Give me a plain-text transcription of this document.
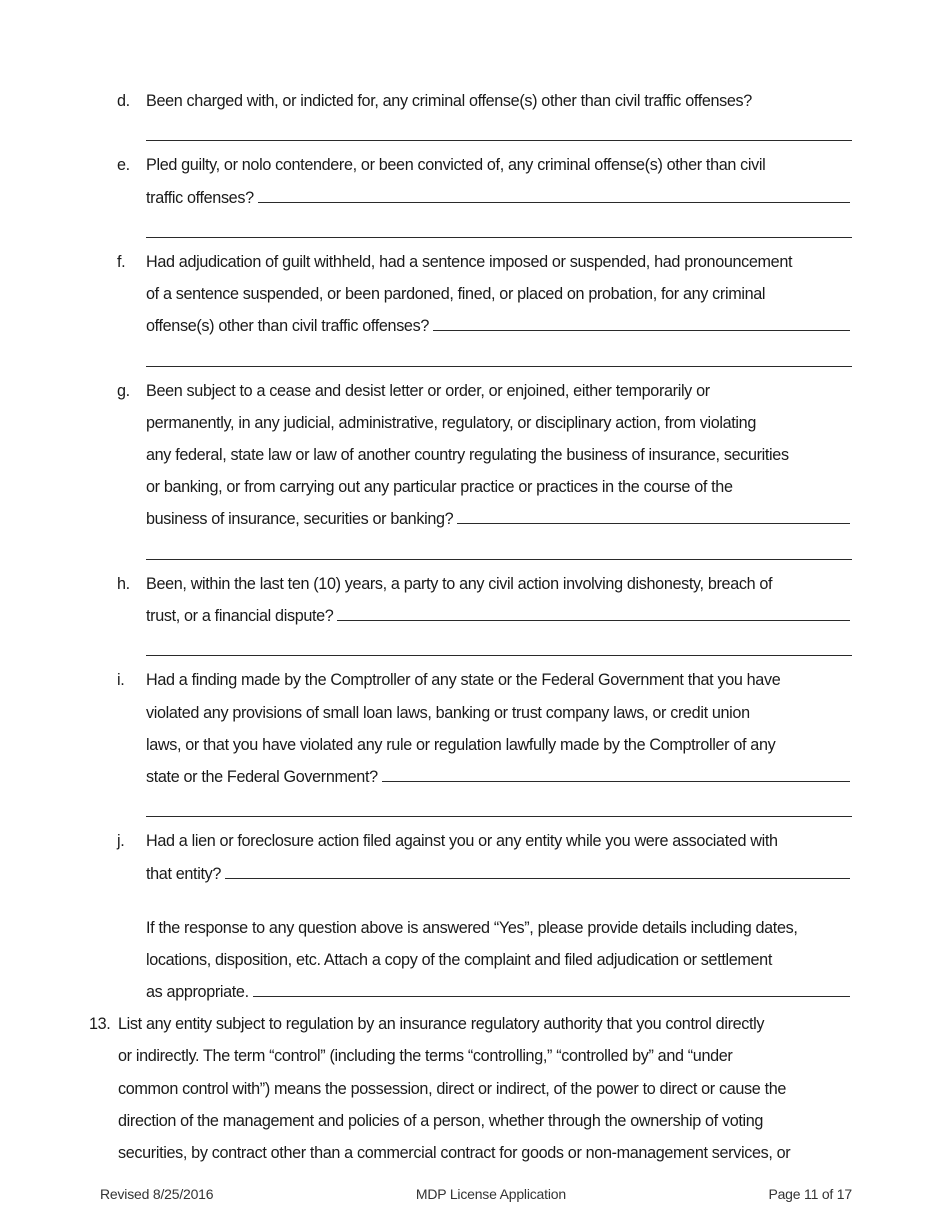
d. Been charged with, or indicted for, any criminal offense(s) other than civil traffic offenses?
e. Pled guilty, or nolo contendere, or been convicted of, any criminal offense(s) other than civil
traffic offenses?
f. Had adjudication of guilt withheld, had a sentence imposed or suspended, had pronouncement
of a sentence suspended, or been pardoned, fined, or placed on probation, for any criminal
offense(s) other than civil traffic offenses?
g. Been subject to a cease and desist letter or order, or enjoined, either temporarily or
permanently, in any judicial, administrative, regulatory, or disciplinary action, from violating
any federal, state law or law of another country regulating the business of insurance, securities
or banking, or from carrying out any particular practice or practices in the course of the
business of insurance, securities or banking?
h. Been, within the last ten (10) years, a party to any civil action involving dishonesty, breach of
trust, or a financial dispute?
i. Had a finding made by the Comptroller of any state or the Federal Government that you have
violated any provisions of small loan laws, banking or trust company laws, or credit union
laws, or that you have violated any rule or regulation lawfully made by the Comptroller of any
state or the Federal Government?
j. Had a lien or foreclosure action filed against you or any entity while you were associated with
that entity?
If the response to any question above is answered “Yes”, please provide details including dates,
locations, disposition, etc. Attach a copy of the complaint and filed adjudication or settlement
as appropriate.
13. List any entity subject to regulation by an insurance regulatory authority that you control directly
or indirectly. The term “control” (including the terms “controlling,” “controlled by” and “under
common control with”) means the possession, direct or indirect, of the power to direct or cause the
direction of the management and policies of a person, whether through the ownership of voting
securities, by contract other than a commercial contract for goods or non-management services, or
Revised 8/25/2016	MDP License Application	Page 11 of 17
